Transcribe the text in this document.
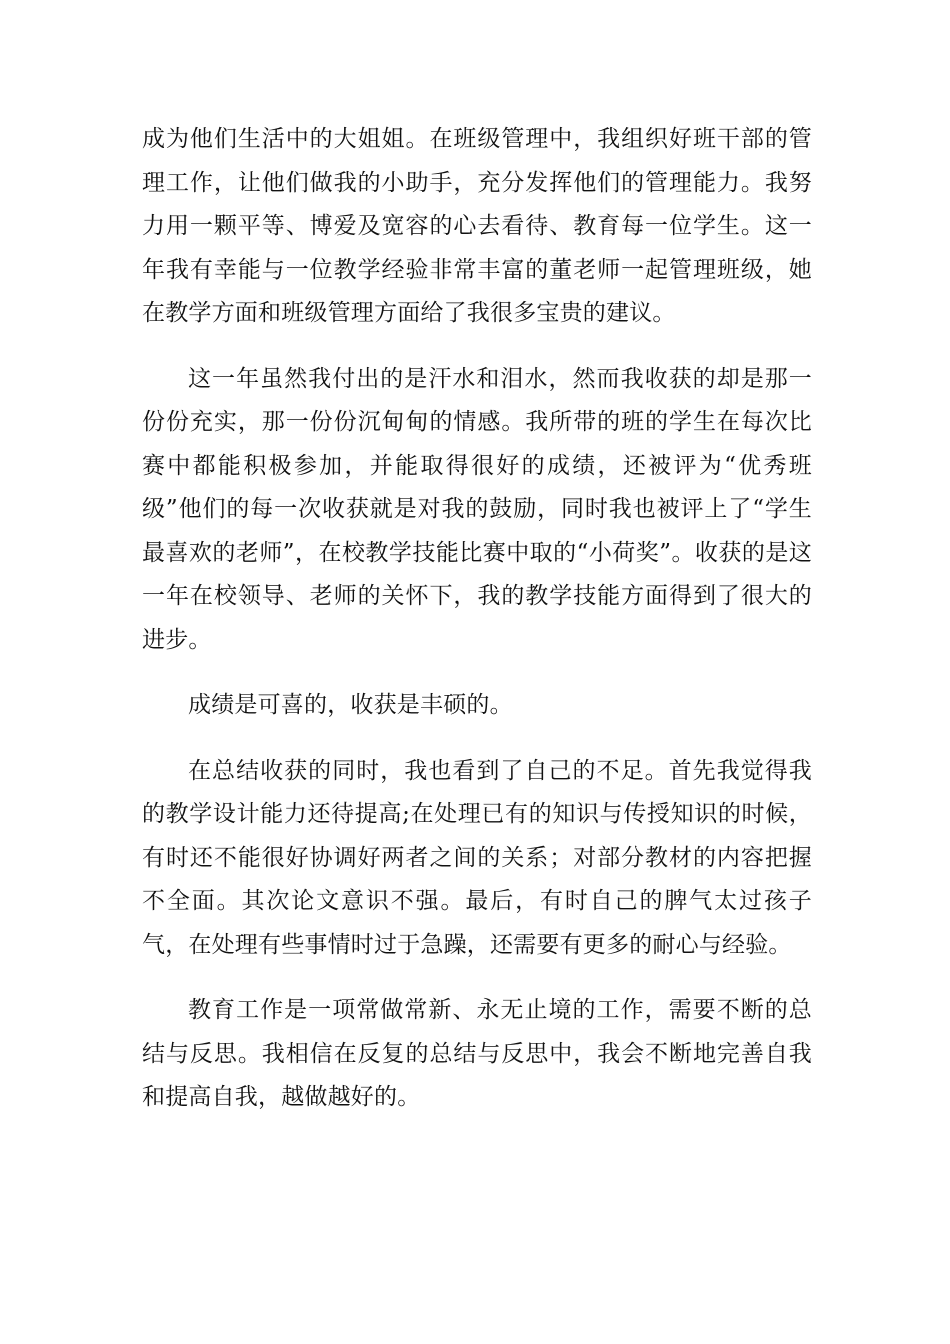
成为他们生活中的大姐姐。在班级管理中，我组织好班干部的管理工作，让他们做我的小助手，充分发挥他们的管理能力。我努力用一颗平等、博爱及宽容的心去看待、教育每一位学生。这一年我有幸能与一位教学经验非常丰富的董老师一起管理班级，她在教学方面和班级管理方面给了我很多宝贵的建议。

这一年虽然我付出的是汗水和泪水，然而我收获的却是那一份份充实，那一份份沉甸甸的情感。我所带的班的学生在每次比赛中都能积极参加，并能取得很好的成绩，还被评为“优秀班级”他们的每一次收获就是对我的鼓励，同时我也被评上了“学生最喜欢的老师”，在校教学技能比赛中取的“小荷奖”。收获的是这一年在校领导、老师的关怀下，我的教学技能方面得到了很大的进步。

成绩是可喜的，收获是丰硕的。

在总结收获的同时，我也看到了自己的不足。首先我觉得我的教学设计能力还待提高;在处理已有的知识与传授知识的时候，有时还不能很好协调好两者之间的关系；对部分教材的内容把握不全面。其次论文意识不强。最后，有时自己的脾气太过孩子气，在处理有些事情时过于急躁，还需要有更多的耐心与经验。

教育工作是一项常做常新、永无止境的工作，需要不断的总结与反思。我相信在反复的总结与反思中，我会不断地完善自我和提高自我，越做越好的。
